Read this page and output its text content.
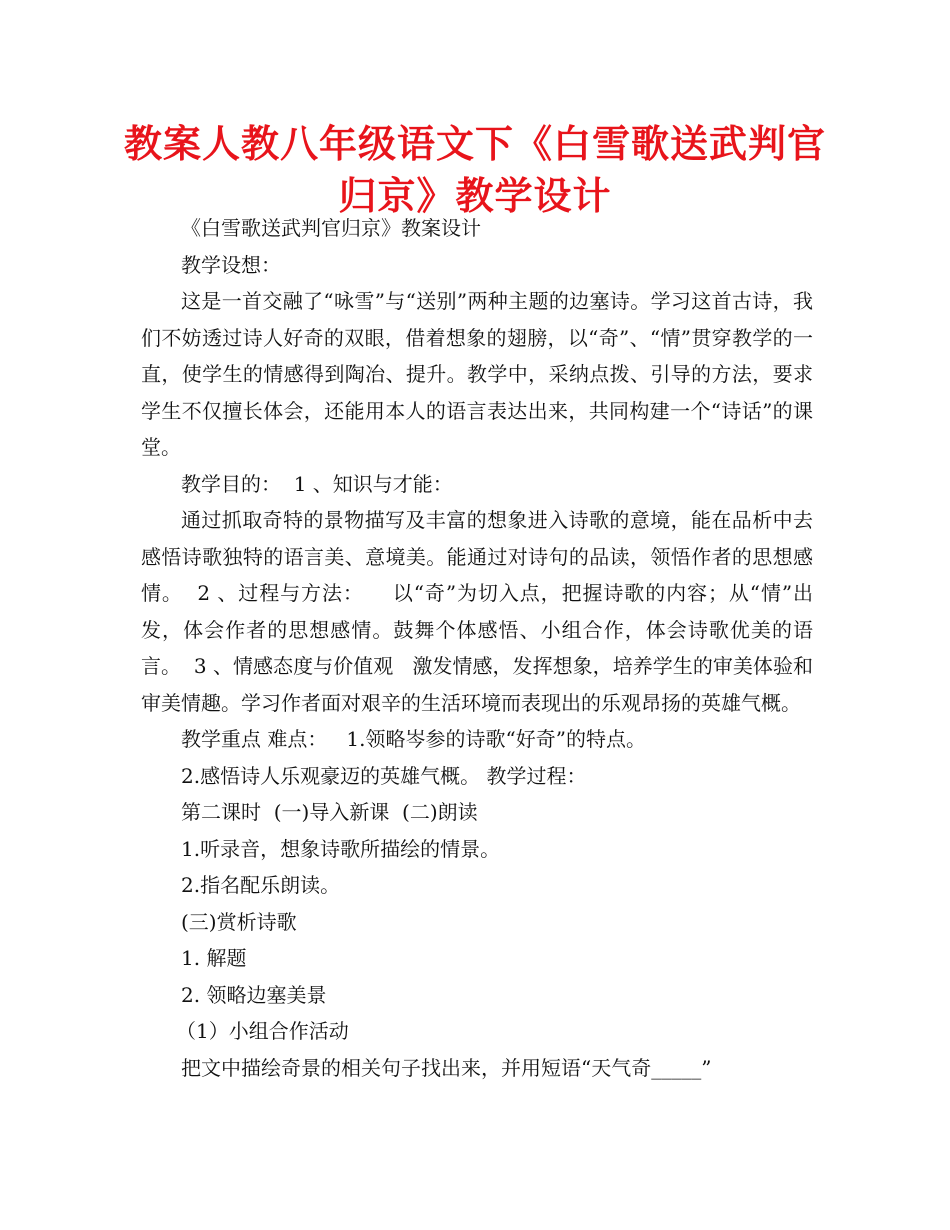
教案人教八年级语文下《白雪歌送武判官
归京》教学设计

《白雪歌送武判官归京》教案设计

教学设想：

这是一首交融了“咏雪”与“送别”两种主题的边塞诗。学习这首古诗，我们不妨透过诗人好奇的双眼，借着想象的翅膀，以“奇”、“情”贯穿教学的一直，使学生的情感得到陶冶、提升。教学中，采纳点拨、引导的方法，要求学生不仅擅长体会，还能用本人的语言表达出来，共同构建一个“诗话”的课堂。

教学目的：  1 、知识与才能：

通过抓取奇特的景物描写及丰富的想象进入诗歌的意境，能在品析中去感悟诗歌独特的语言美、意境美。能通过对诗句的品读，领悟作者的思想感情。  2 、过程与方法：    以“奇”为切入点，把握诗歌的内容；从“情”出发，体会作者的思想感情。鼓舞个体感悟、小组合作，体会诗歌优美的语言。  3 、情感态度与价值观   激发情感，发挥想象，培养学生的审美体验和审美情趣。学习作者面对艰辛的生活环境而表现出的乐观昂扬的英雄气概。

教学重点 难点：   1.领略岑参的诗歌“好奇”的特点。

2.感悟诗人乐观豪迈的英雄气概。 教学过程：

第二课时  (一)导入新课  (二)朗读

1.听录音，想象诗歌所描绘的情景。

2.指名配乐朗读。

(三)赏析诗歌

1. 解题

2. 领略边塞美景

（1）小组合作活动

把文中描绘奇景的相关句子找出来，并用短语“天气奇_____”
